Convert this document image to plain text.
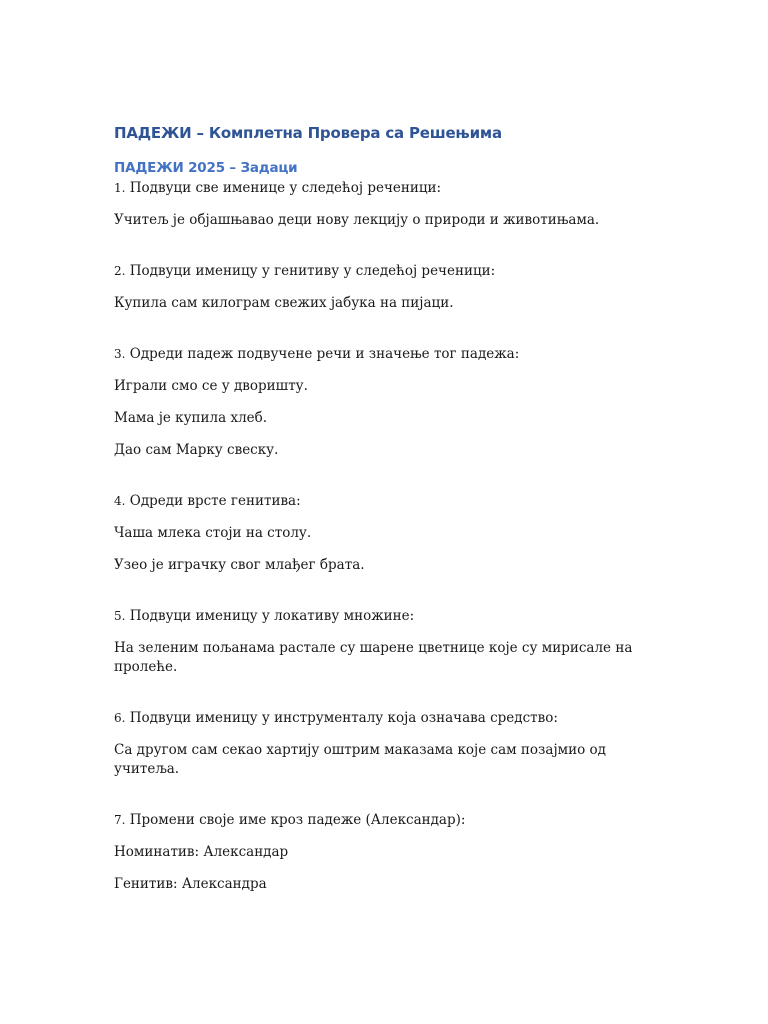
ПАДЕЖИ – Комплетна Провера са Решењима
ПАДЕЖИ 2025 – Задаци

1. Подвуци све именице у следећој реченици:

Учитељ је објашњавао деци нову лекцију о природи и животињама.

2. Подвуци именицу у генитиву у следећој реченици:

Купила сам килограм свежих јабука на пијаци.

3. Одреди падеж подвучене речи и значење тог падежа:

Играли смо се у дворишту.

Мама је купила хлеб.

Дао сам Марку свеску.

4. Одреди врсте генитива:

Чаша млека стоји на столу.

Узео је играчку свог млађег брата.

5. Подвуци именицу у локативу множине:

На зеленим пољанама растале су шарене цветнице које су мирисале на пролеће.

6. Подвуци именицу у инструменталу која означава средство:

Са другом сам секао хартију оштрим маказама које сам позајмио од учитеља.

7. Промени своје име кроз падеже (Александар):

Номинатив: Александар

Генитив: Александра
